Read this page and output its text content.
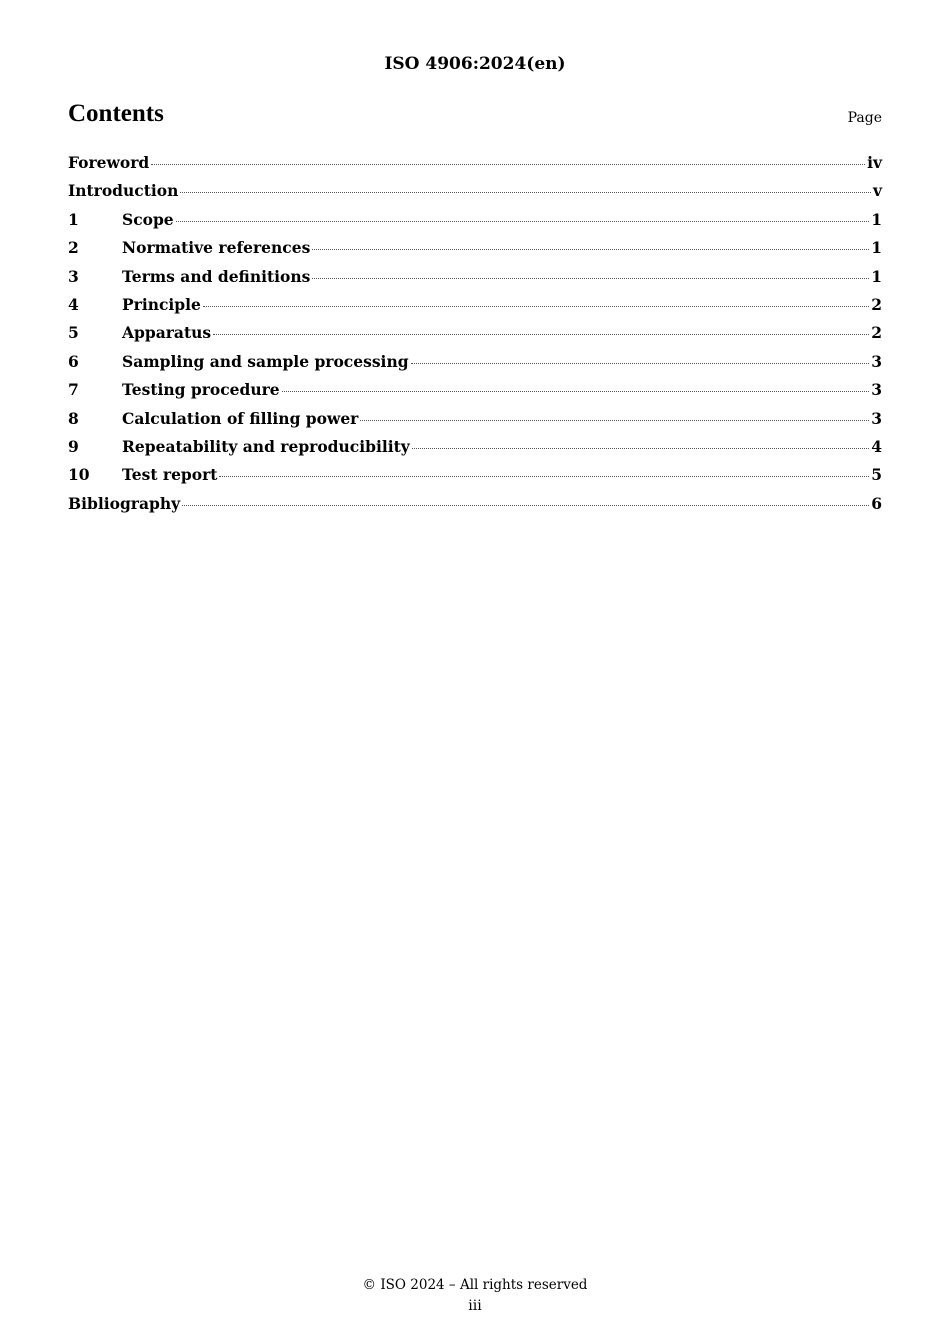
ISO 4906:2024(en)
Contents	Page
Foreword	iv
Introduction	v
1	Scope	1
2	Normative references	1
3	Terms and definitions	1
4	Principle	2
5	Apparatus	2
6	Sampling and sample processing	3
7	Testing procedure	3
8	Calculation of filling power	3
9	Repeatability and reproducibility	4
10	Test report	5
Bibliography	6
© ISO 2024 – All rights reserved
iii
